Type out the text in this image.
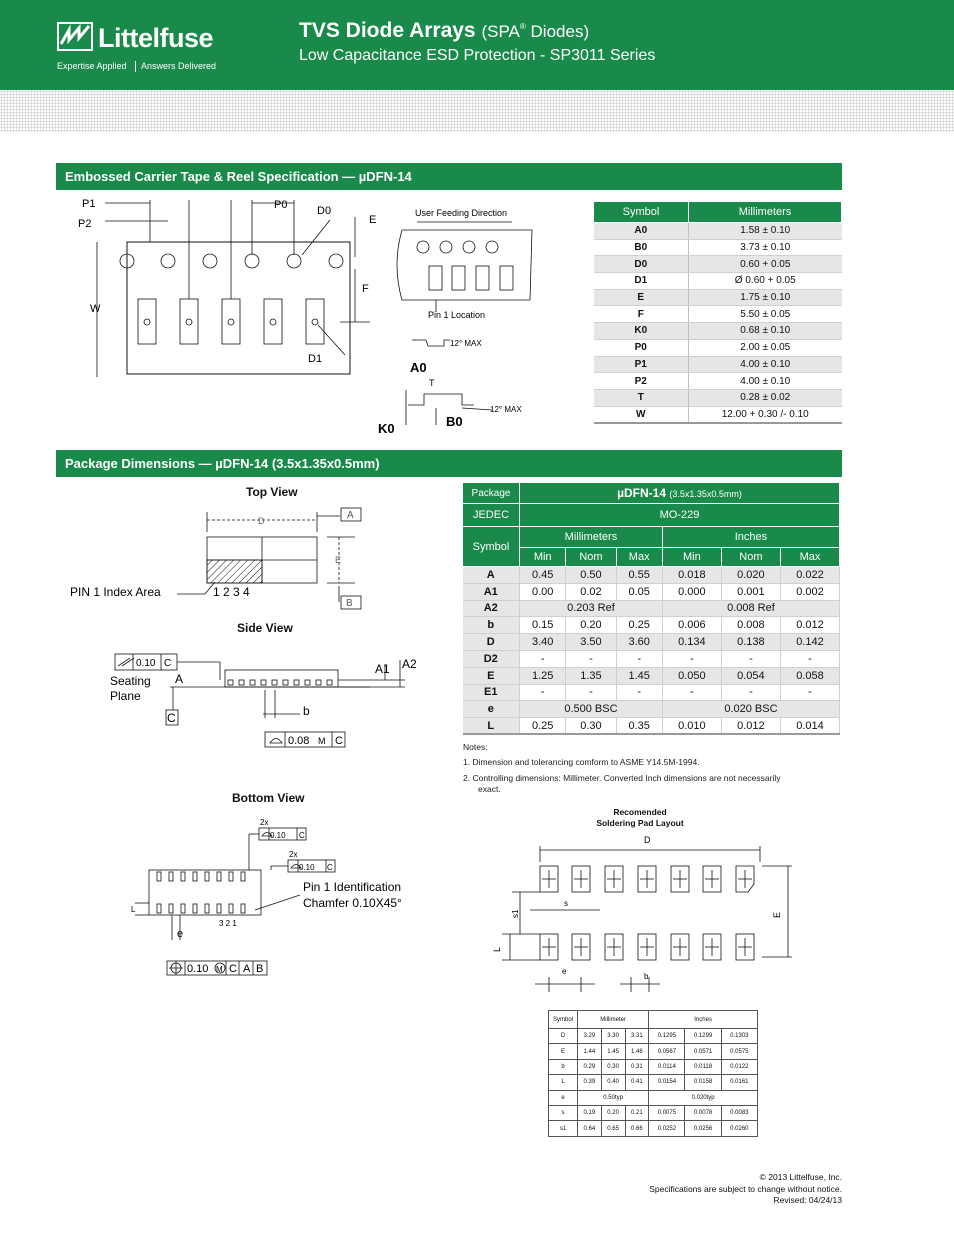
Littelfuse
Expertise Applied Answers Delivered
TVS Diode Arrays (SPA® Diodes)
Low Capacitance ESD Protection - SP3011 Series
Embossed Carrier Tape & Reel Specification — µDFN-14
P1
P2
P0	D0
E
F
W
D1
User Feeding Direction
Pin 1 Location
12° MAX
A0
T
12° MAX
K0	B0
Symbol	Millimeters
A0	1.58 ± 0.10
B0	3.73 ± 0.10
D0	0.60 + 0.05
D1	Ø 0.60 + 0.05
E	1.75 ± 0.10
F	5.50 ± 0.05
K0	0.68 ± 0.10
P0	2.00 ± 0.05
P1	4.00 ± 0.10
P2	4.00 ± 0.10
T	0.28 ± 0.02
W	12.00 + 0.30 /- 0.10
Package Dimensions — µDFN-14 (3.5x1.35x0.5mm)
Top View
D	A
E
B
PIN 1 Index Area	1 2 3 4
Side View
0.10 C
Seating
Plane
A
A1 A2
b
C
0.08 M C
Bottom View
2x
2x
0.10
0.10
C
C
Pin 1 Identification
Chamfer 0.10X45°
L
e
3 2 1
0.10 M C A B
Package	µDFN-14 (3.5x1.35x0.5mm)					
JEDEC	MO-229					
Symbol	Millimeters			Inches		
	Min	Nom	Max	Min	Nom	Max
A	0.45	0.50	0.55	0.018	0.020	0.022
A1	0.00	0.02	0.05	0.000	0.001	0.002
A2	0.203 Ref			0.008 Ref		
b	0.15	0.20	0.25	0.006	0.008	0.012
D	3.40	3.50	3.60	0.134	0.138	0.142
D2	-	-	-	-	-	-
E	1.25	1.35	1.45	0.050	0.054	0.058
E1	-	-	-	-	-	-
e	0.500 BSC			0.020 BSC		
L	0.25	0.30	0.35	0.010	0.012	0.014
Notes:
1. Dimension and tolerancing comform to ASME Y14.5M-1994.
2. Controlling dimensions: Millimeter. Converted Inch dimensions are not necessarily
exact.
Recomended
Soldering Pad Layout
D
s
s1	E
L
e
b
Symbol	Millimeter			Inches		

D	3.29	3.30	3.31	0.1295	0.1299	0.1303
E	1.44	1.45	1.46	0.0567	0.0571	0.0575
b	0.29	0.30	0.31	0.0114	0.0118	0.0122
L	0.39	0.40	0.41	0.0154	0.0158	0.0161
e	0.50typ			0.020typ		
s	0.19	0.20	0.21	0.0075	0.0078	0.0083
s1	0.64	0.65	0.66	0.0252	0.0256	0.0260
© 2013 Littelfuse, Inc.
Specifications are subject to change without notice.
Revised: 04/24/13
